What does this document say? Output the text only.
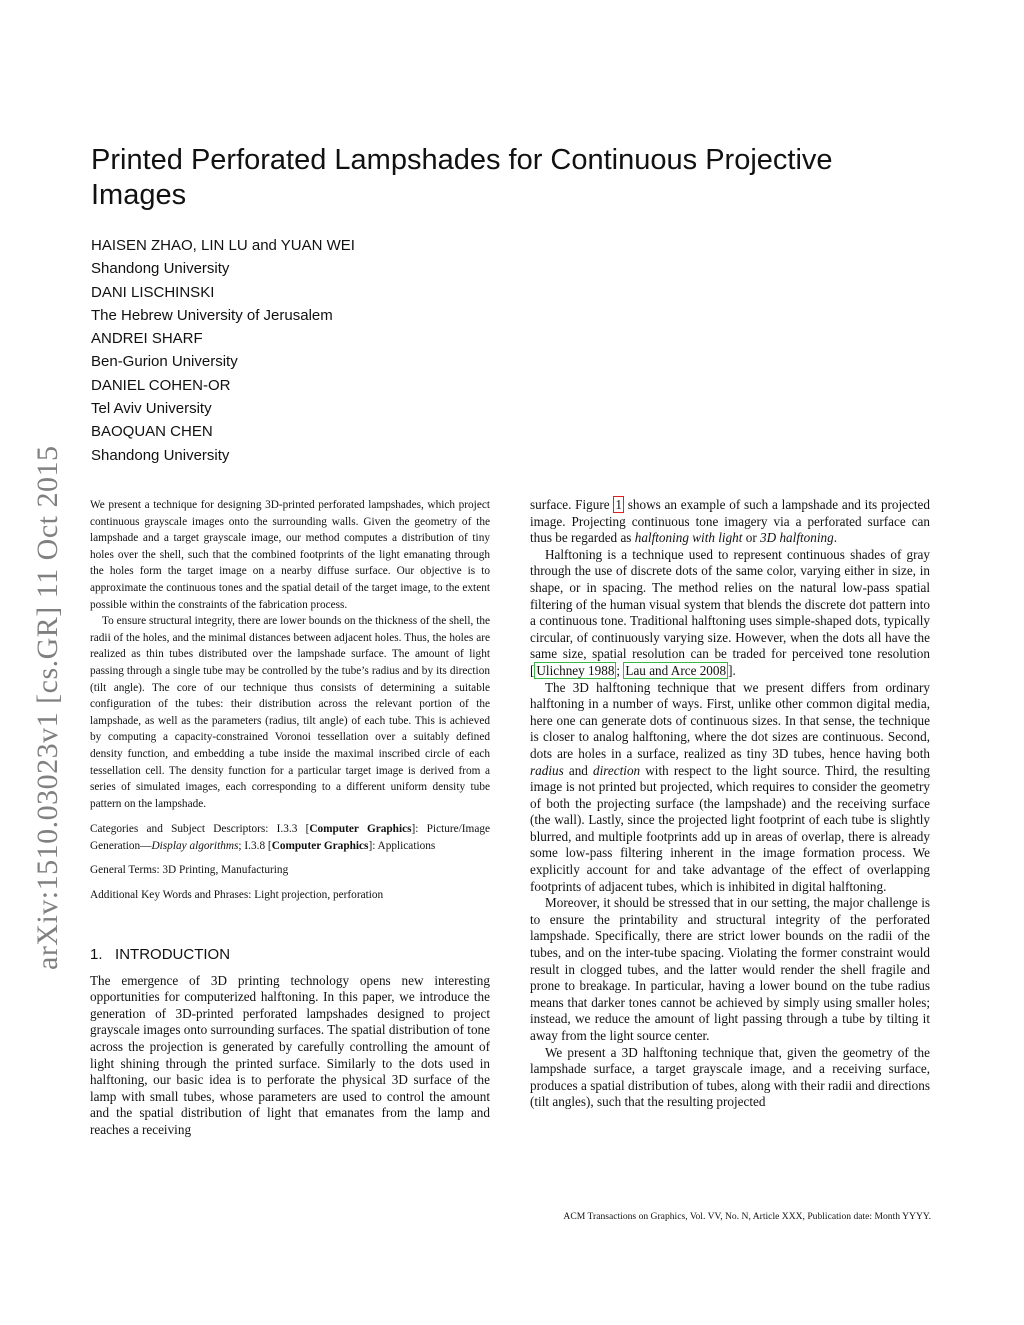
arXiv:1510.03023v1 [cs.GR] 11 Oct 2015
Printed Perforated Lampshades for Continuous Projective Images
HAISEN ZHAO, LIN LU and YUAN WEI
Shandong University
DANI LISCHINSKI
The Hebrew University of Jerusalem
ANDREI SHARF
Ben-Gurion University
DANIEL COHEN-OR
Tel Aviv University
BAOQUAN CHEN
Shandong University

We present a technique for designing 3D-printed perforated lampshades, which project continuous grayscale images onto the surrounding walls. Given the geometry of the lampshade and a target grayscale image, our method computes a distribution of tiny holes over the shell, such that the combined footprints of the light emanating through the holes form the target image on a nearby diffuse surface. Our objective is to approximate the continuous tones and the spatial detail of the target image, to the extent possible within the constraints of the fabrication process.

To ensure structural integrity, there are lower bounds on the thickness of the shell, the radii of the holes, and the minimal distances between adjacent holes. Thus, the holes are realized as thin tubes distributed over the lampshade surface. The amount of light passing through a single tube may be controlled by the tube’s radius and by its direction (tilt angle). The core of our technique thus consists of determining a suitable configuration of the tubes: their distribution across the relevant portion of the lampshade, as well as the parameters (radius, tilt angle) of each tube. This is achieved by computing a capacity-constrained Voronoi tessellation over a suitably defined density function, and embedding a tube inside the maximal inscribed circle of each tessellation cell. The density function for a particular target image is derived from a series of simulated images, each corresponding to a different uniform density tube pattern on the lampshade.

Categories and Subject Descriptors: I.3.3 [Computer Graphics]: Picture/Image Generation—Display algorithms; I.3.8 [Computer Graphics]: Applications

General Terms: 3D Printing, Manufacturing

Additional Key Words and Phrases: Light projection, perforation

1. INTRODUCTION

The emergence of 3D printing technology opens new interesting opportunities for computerized halftoning. In this paper, we introduce the generation of 3D-printed perforated lampshades designed to project grayscale images onto surrounding surfaces. The spatial distribution of tone across the projection is generated by carefully controlling the amount of light shining through the printed surface. Similarly to the dots used in halftoning, our basic idea is to perforate the physical 3D surface of the lamp with small tubes, whose parameters are used to control the amount and the spatial distribution of light that emanates from the lamp and reaches a receiving

surface. Figure 1 shows an example of such a lampshade and its projected image. Projecting continuous tone imagery via a perforated surface can thus be regarded as halftoning with light or 3D halftoning.

Halftoning is a technique used to represent continuous shades of gray through the use of discrete dots of the same color, varying either in size, in shape, or in spacing. The method relies on the natural low-pass spatial filtering of the human visual system that blends the discrete dot pattern into a continuous tone. Traditional halftoning uses simple-shaped dots, typically circular, of continuously varying size. However, when the dots all have the same size, spatial resolution can be traded for perceived tone resolution [ Ulichney 1988 ; Lau and Arce 2008 ].

The 3D halftoning technique that we present differs from ordinary halftoning in a number of ways. First, unlike other common digital media, here one can generate dots of continuous sizes. In that sense, the technique is closer to analog halftoning, where the dot sizes are continuous. Second, dots are holes in a surface, realized as tiny 3D tubes, hence having both radius and direction with respect to the light source. Third, the resulting image is not printed but projected, which requires to consider the geometry of both the projecting surface (the lampshade) and the receiving surface (the wall). Lastly, since the projected light footprint of each tube is slightly blurred, and multiple footprints add up in areas of overlap, there is already some low-pass filtering inherent in the image formation process. We explicitly account for and take advantage of the effect of overlapping footprints of adjacent tubes, which is inhibited in digital halftoning.

Moreover, it should be stressed that in our setting, the major challenge is to ensure the printability and structural integrity of the perforated lampshade. Specifically, there are strict lower bounds on the radii of the tubes, and on the inter-tube spacing. Violating the former constraint would result in clogged tubes, and the latter would render the shell fragile and prone to breakage. In particular, having a lower bound on the tube radius means that darker tones cannot be achieved by simply using smaller holes; instead, we reduce the amount of light passing through a tube by tilting it away from the light source center.

We present a 3D halftoning technique that, given the geometry of the lampshade surface, a target grayscale image, and a receiving surface, produces a spatial distribution of tubes, along with their radii and directions (tilt angles), such that the resulting projected

ACM Transactions on Graphics, Vol. VV, No. N, Article XXX, Publication date: Month YYYY.
